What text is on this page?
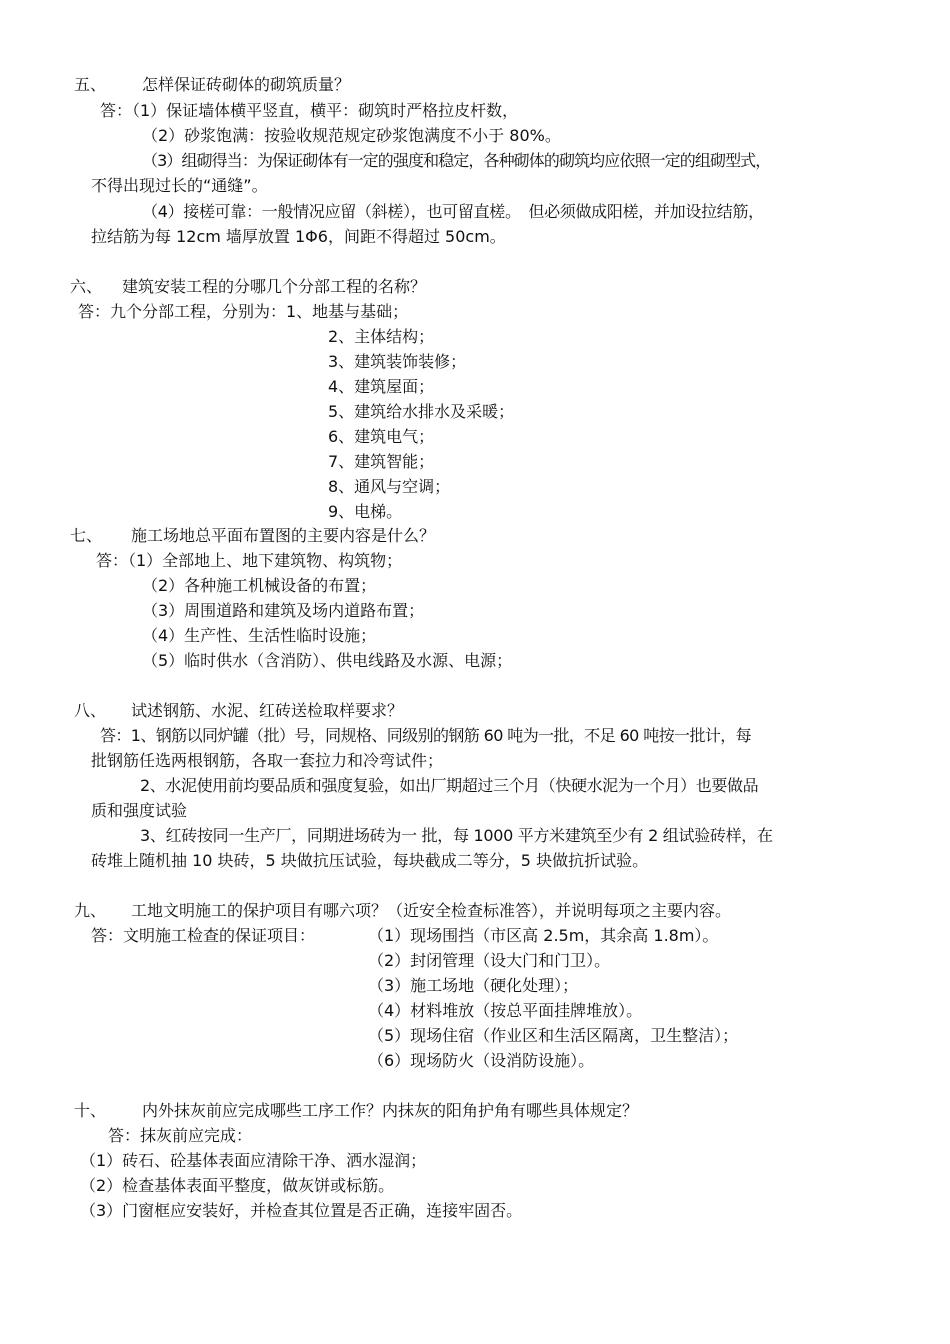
五、 怎样保证砖砌体的砌筑质量？
答：（1）保证墙体横平竖直，横平：砌筑时严格拉皮杆数，
（2）砂浆饱满：按验收规范规定砂浆饱满度不小于 80%。
（3）组砌得当：为保证砌体有一定的强度和稳定，各种砌体的砌筑均应依照一定的组砌型式，
不得出现过长的“通缝”。
（4）接槎可靠：一般情况应留（斜槎），也可留直槎。　但必须做成阳槎，并加设拉结筋，
拉结筋为每 12cm 墙厚放置 1Φ6，间距不得超过 50cm。
六、 建筑安装工程的分哪几个分部工程的名称？
答：九个分部工程，分别为：1、地基与基础；
2、主体结构；
3、建筑装饰装修；
4、建筑屋面；
5、建筑给水排水及采暖；
6、建筑电气；
7、建筑智能；
8、通风与空调；
9、电梯。
七、 施工场地总平面布置图的主要内容是什么？
答：（1）全部地上、地下建筑物、构筑物；
（2）各种施工机械设备的布置；
（3）周围道路和建筑及场内道路布置；
（4）生产性、生活性临时设施；
（5）临时供水（含消防）、供电线路及水源、电源；
八、 试述钢筋、水泥、红砖送检取样要求？
答：1、钢筋以同炉罐（批）号，同规格、同级别的钢筋 60 吨为一批，不足 60 吨按一批计，每
批钢筋任选两根钢筋，各取一套拉力和冷弯试件；
2、水泥使用前均要品质和强度复验，如出厂期超过三个月（快硬水泥为一个月）也要做品
质和强度试验
3、红砖按同一生产厂，同期进场砖为一 批，每 1000 平方米建筑至少有 2 组试验砖样，在
砖堆上随机抽 10 块砖，5 块做抗压试验，每块截成二等分，5 块做抗折试验。
九、 工地文明施工的保护项目有哪六项？（近安全检查标准答），并说明每项之主要内容。
答：文明施工检查的保证项目：	（1）现场围挡（市区高 2.5m，其余高 1.8m）。
（2）封闭管理（设大门和门卫）。
（3）施工场地（硬化处理）；
（4）材料堆放（按总平面挂牌堆放）。
（5）现场住宿（作业区和生活区隔离，卫生整洁）；
（6）现场防火（设消防设施）。
十、 内外抹灰前应完成哪些工序工作？内抹灰的阳角护角有哪些具体规定？
答：抹灰前应完成：
（1）砖石、砼基体表面应清除干净、洒水湿润；
（2）检查基体表面平整度，做灰饼或标筋。
（3）门窗框应安装好，并检查其位置是否正确，连接牢固否。
